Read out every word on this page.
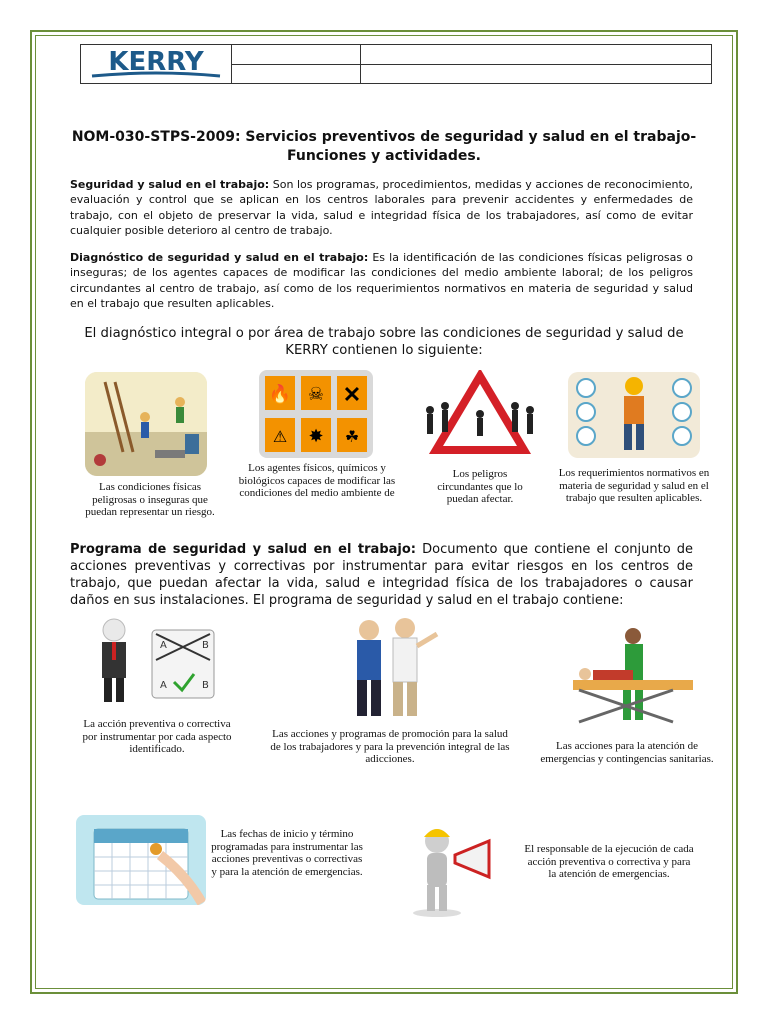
KERRY
NOM-030-STPS-2009: Servicios preventivos de seguridad y salud en el trabajo-
Funciones y actividades.
Seguridad y salud en el trabajo: Son los programas, procedimientos, medidas y acciones de reconocimiento, evaluación y control que se aplican en los centros laborales para prevenir accidentes y enfermedades de trabajo, con el objeto de preservar la vida, salud e integridad física de los trabajadores, así como de evitar cualquier posible deterioro al centro de trabajo.
Diagnóstico de seguridad y salud en el trabajo: Es la identificación de las condiciones físicas peligrosas o inseguras; de los agentes capaces de modificar las condiciones del medio ambiente laboral; de los peligros circundantes al centro de trabajo, así como de los requerimientos normativos en materia de seguridad y salud en el trabajo que resulten aplicables.
El diagnóstico integral o por área de trabajo sobre las condiciones de seguridad y salud de
KERRY contienen lo siguiente:
🔥 ☠ ✕
⚠ ✸ ☘
Las condiciones físicas peligrosas o inseguras que puedan representar un riesgo.
Los agentes físicos, químicos y biológicos capaces de modificar las condiciones del medio ambiente de
Los peligros circundantes que lo puedan afectar.
Los requerimientos normativos en materia de seguridad y salud en el trabajo que resulten aplicables.
Programa de seguridad y salud en el trabajo: Documento que contiene el conjunto de acciones preventivas y correctivas por instrumentar para evitar riesgos en los centros de trabajo, que puedan afectar la vida, salud e integridad física de los trabajadores o causar daños en sus instalaciones. El programa de seguridad y salud en el trabajo contiene:
A	B
A	B
La acción preventiva o correctiva por instrumentar por cada aspecto identificado.
Las acciones y programas de promoción para la salud de los trabajadores y para la prevención integral de las adicciones.
Las acciones para la atención de emergencias y contingencias sanitarias.
Las fechas de inicio y término programadas para instrumentar las acciones preventivas o correctivas y para la atención de emergencias.
El responsable de la ejecución de cada acción preventiva o correctiva y para la atención de emergencias.
